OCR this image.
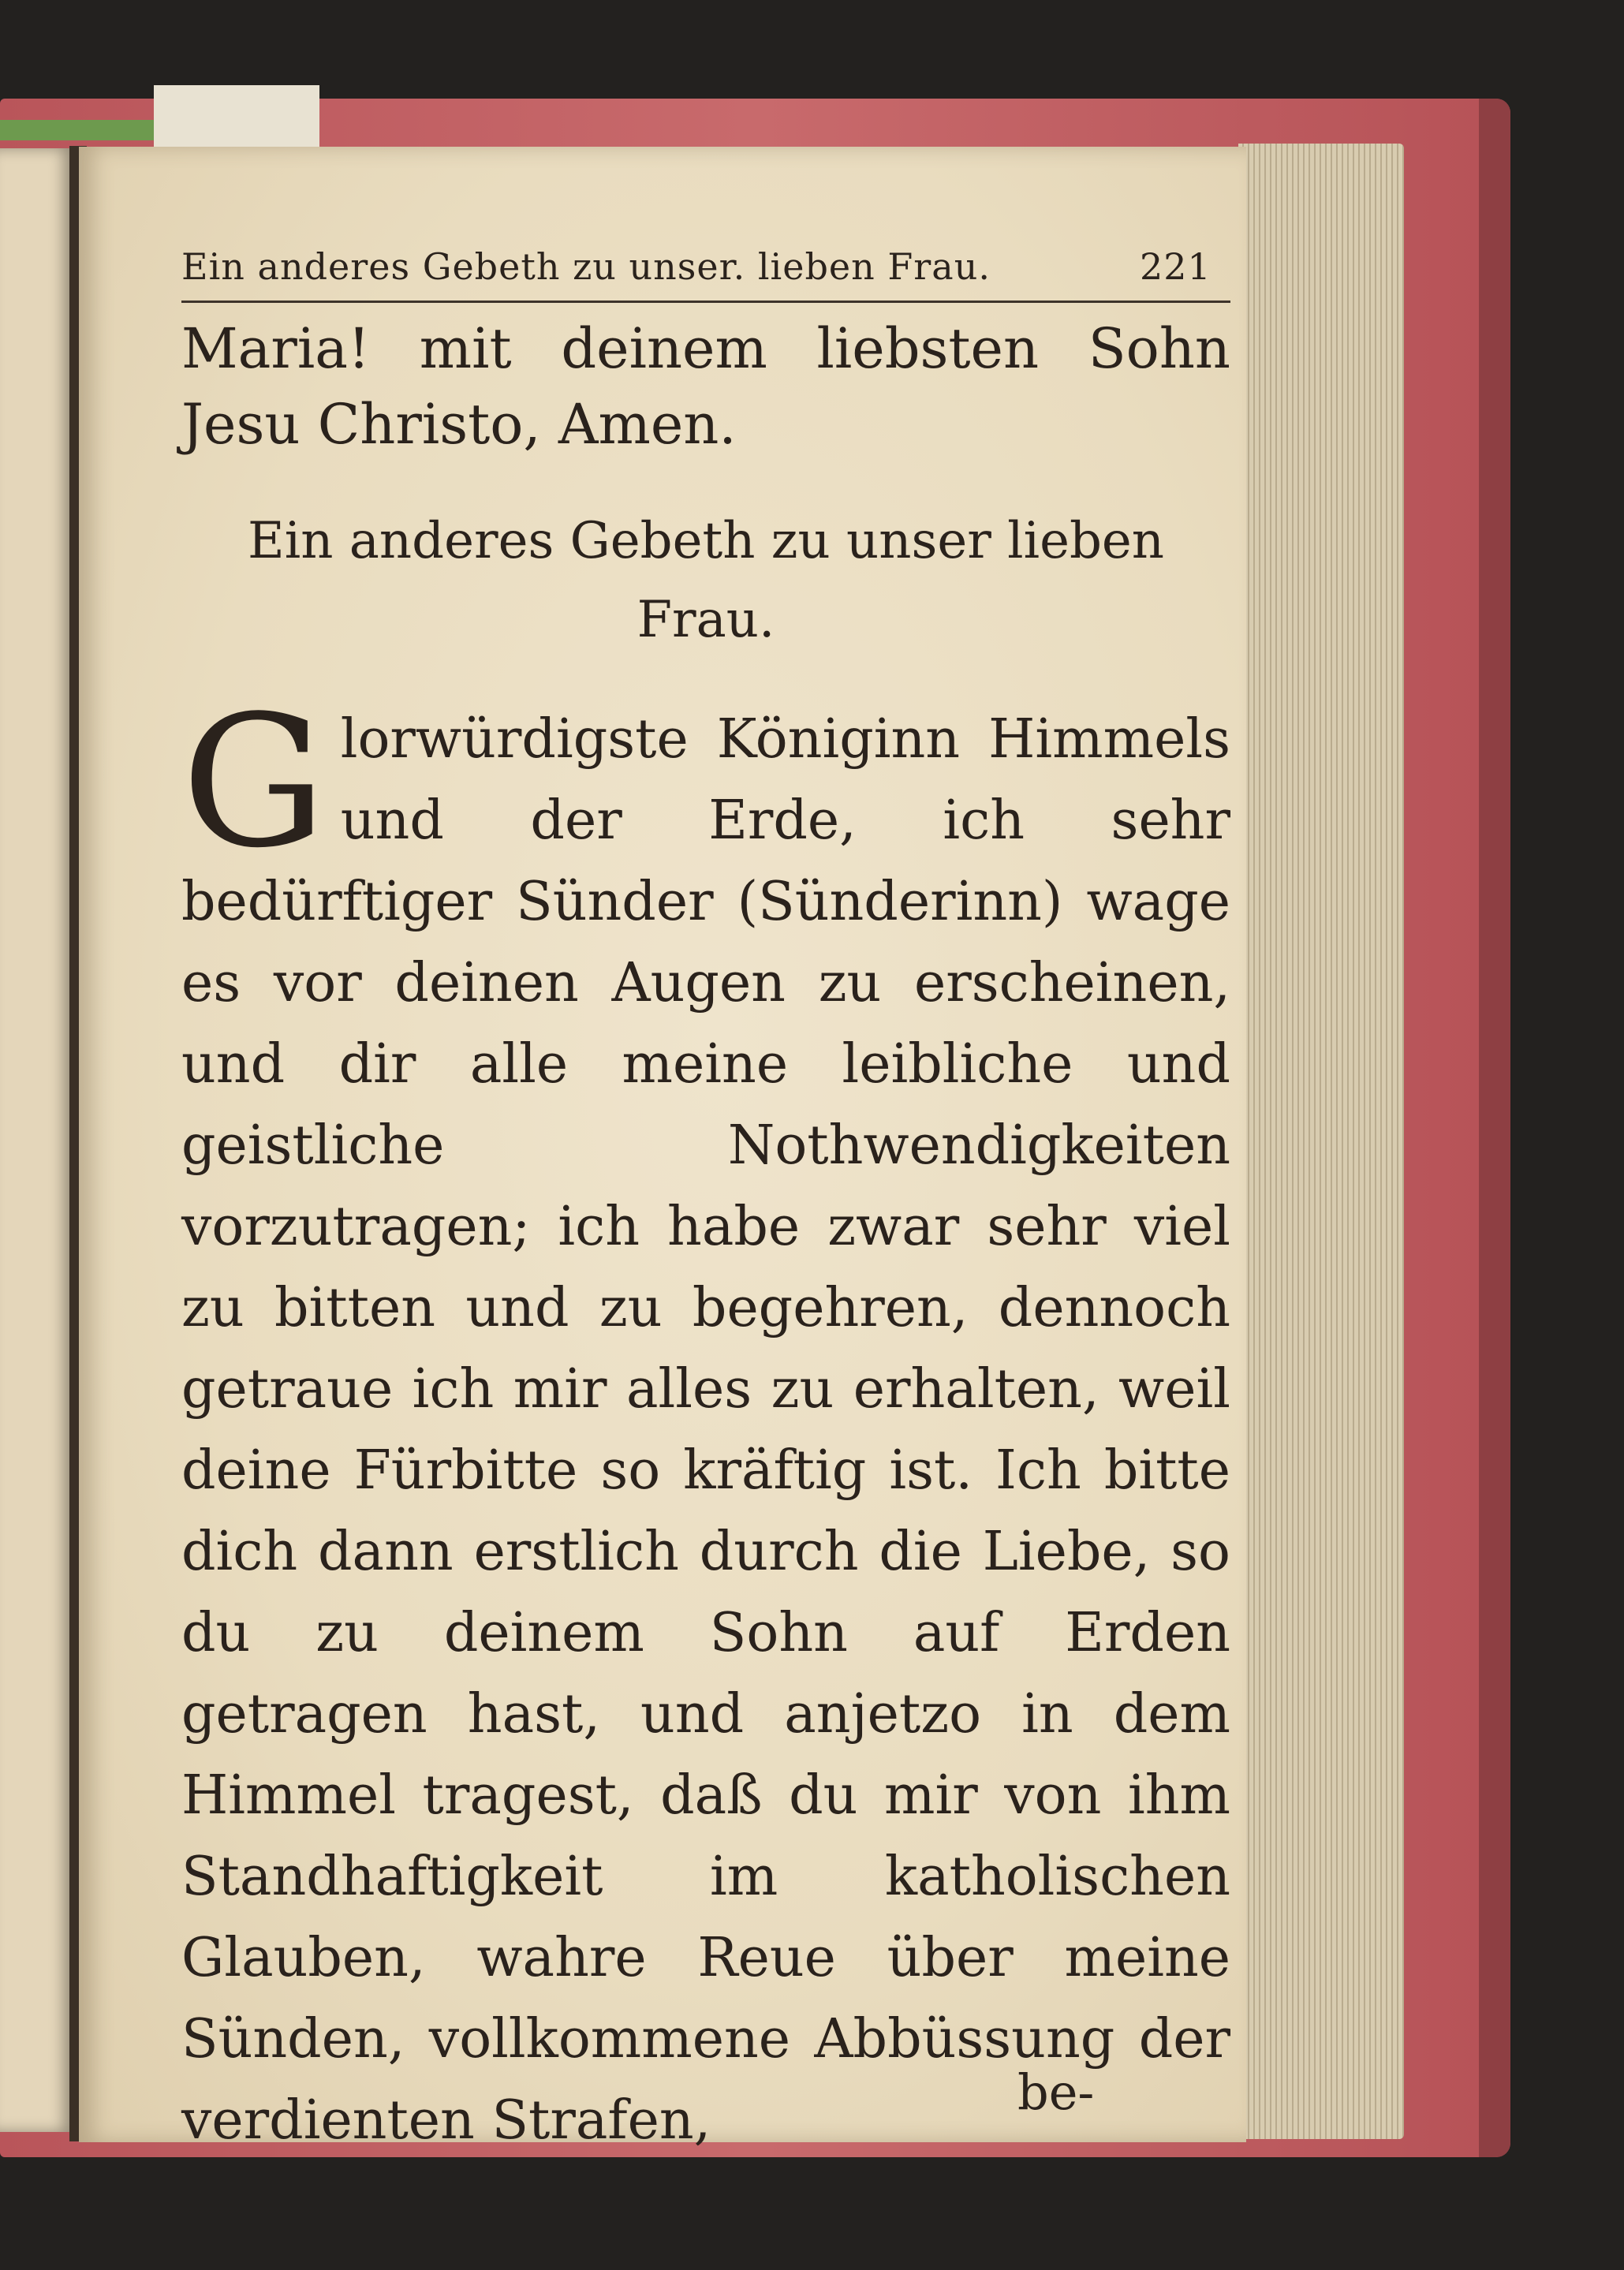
Ein anderes Gebeth zu unser. lieben Frau.	221

Maria! mit deinem liebsten Sohn Jesu Christo, Amen.

Ein anderes Gebeth zu unser lieben Frau.

Glorwürdigste Königinn Himmels und der Erde, ich sehr bedürftiger Sünder (Sünderinn) wage es vor deinen Augen zu erscheinen, und dir alle meine leibliche und geistliche Nothwendigkeiten vorzutragen; ich habe zwar sehr viel zu bitten und zu begehren, dennoch getraue ich mir alles zu erhalten, weil deine Fürbitte so kräftig ist. Ich bitte dich dann erstlich durch die Liebe, so du zu deinem Sohn auf Erden getragen hast, und anjetzo in dem Himmel tragest, daß du mir von ihm Standhaftigkeit im katholischen Glauben, wahre Reue über meine Sünden, vollkommene Abbüssung der verdienten Strafen,	be-
